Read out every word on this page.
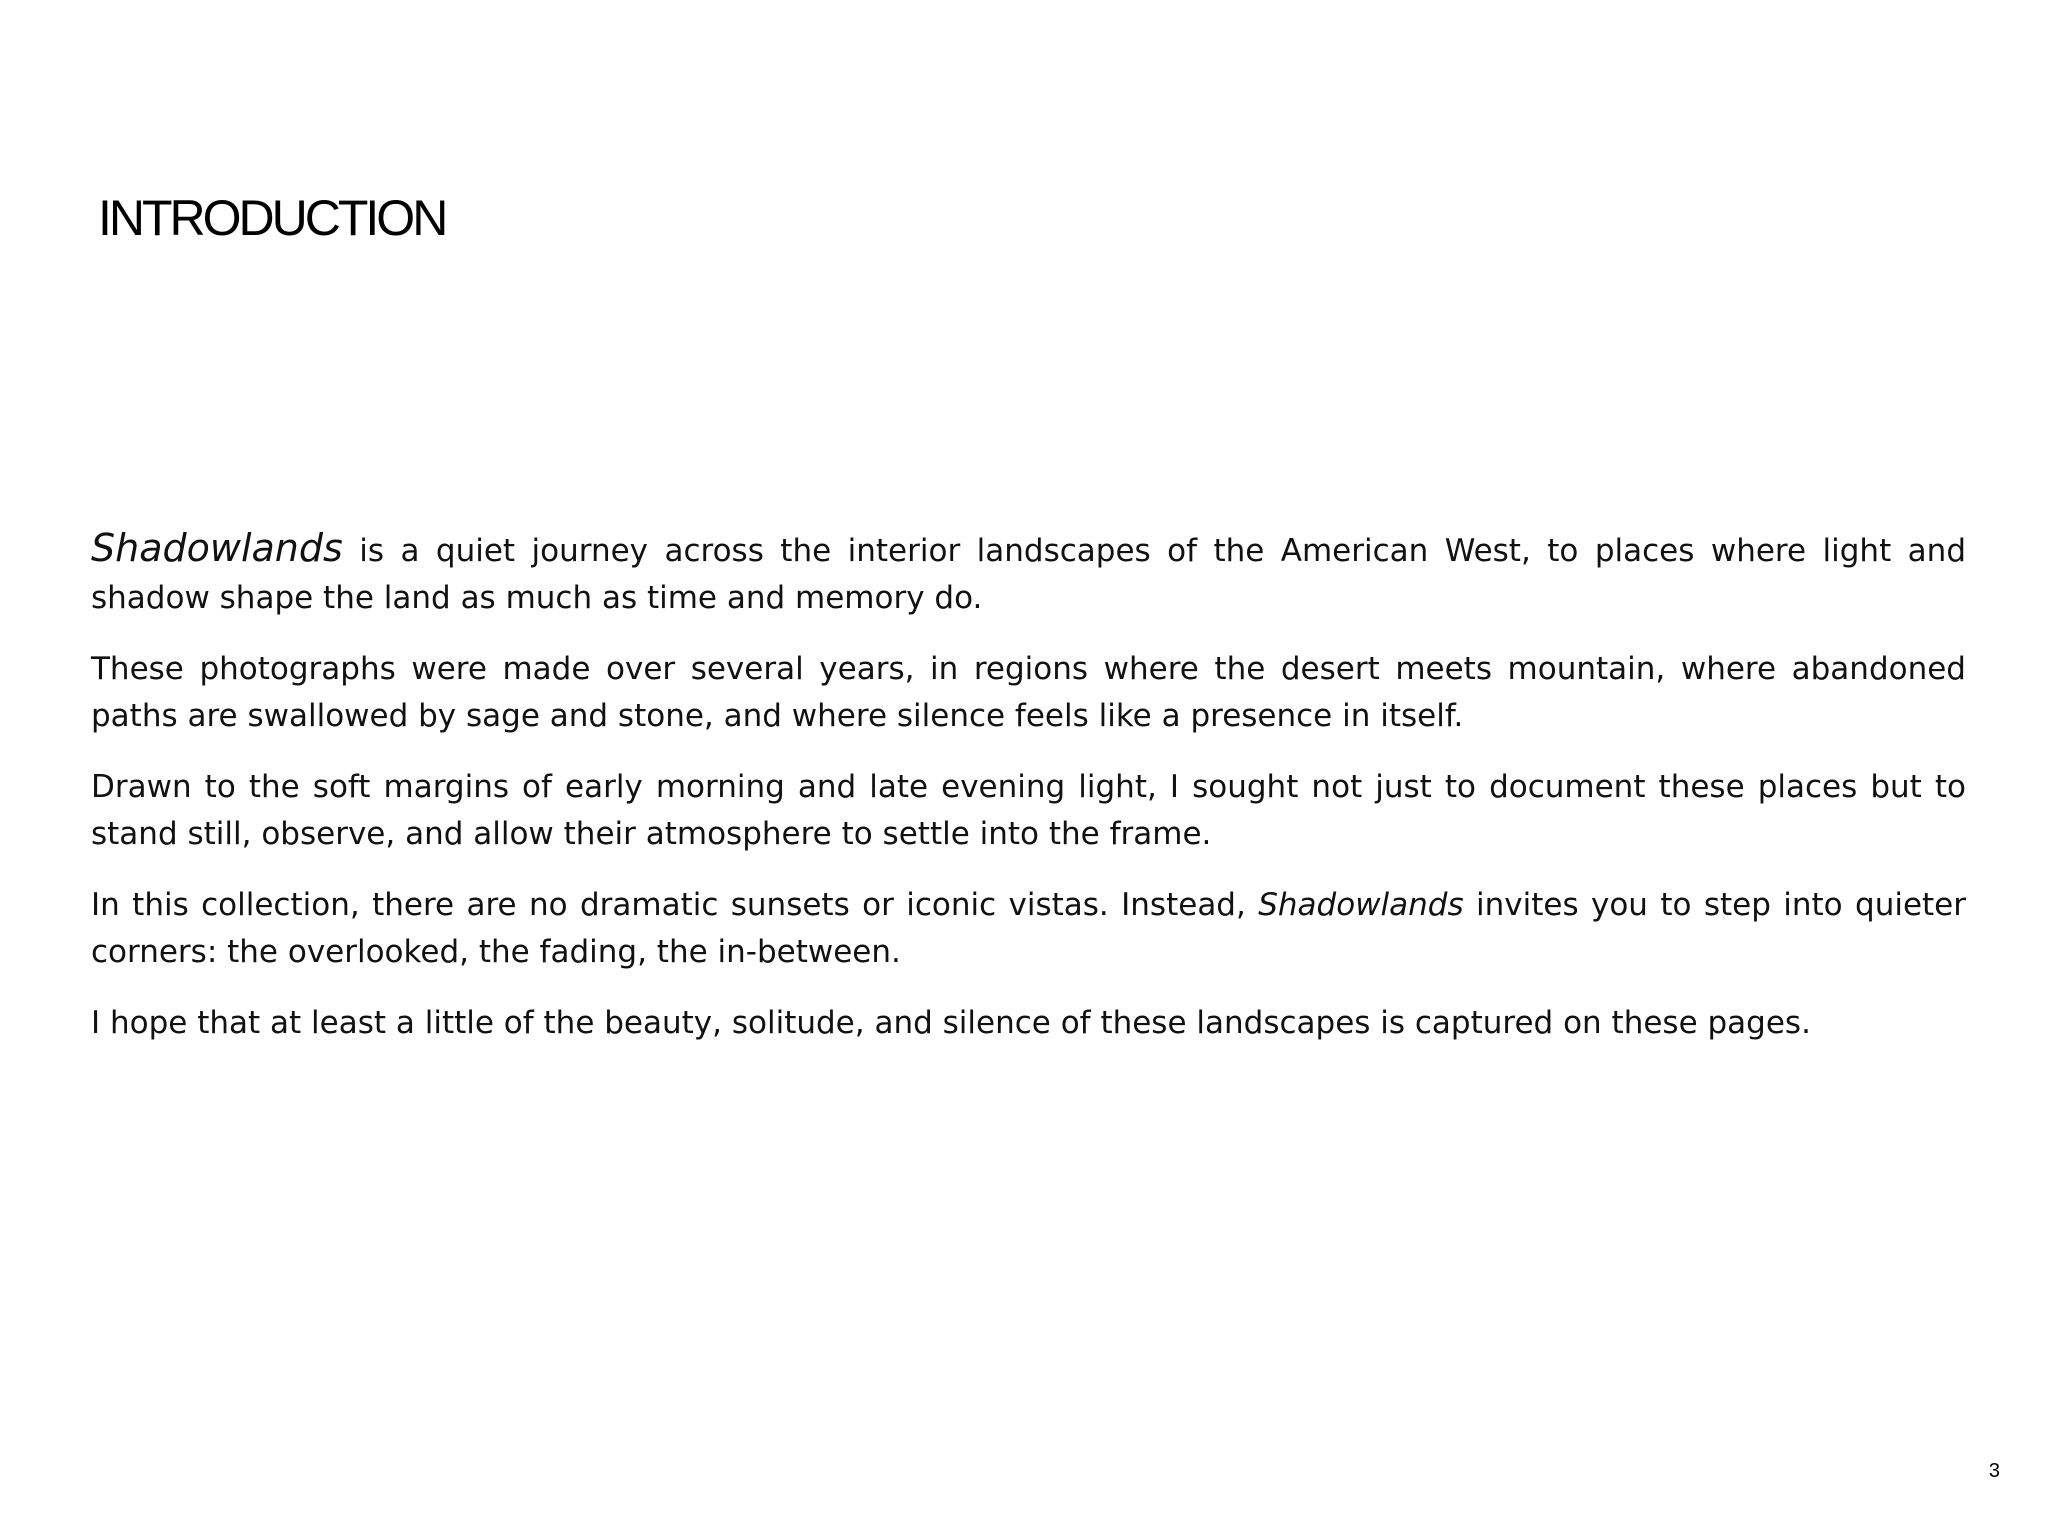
INTRODUCTION

Shadowlands is a quiet journey across the interior landscapes of the American West, to places where light and shadow shape the land as much as time and memory do.

These photographs were made over several years, in regions where the desert meets mountain, where abandoned paths are swallowed by sage and stone, and where silence feels like a presence in itself.

Drawn to the soft margins of early morning and late evening light, I sought not just to document these places but to stand still, observe, and allow their atmosphere to settle into the frame.

In this collection, there are no dramatic sunsets or iconic vistas. Instead, Shadowlands invites you to step into quieter corners: the overlooked, the fading, the in-between.

I hope that at least a little of the beauty, solitude, and silence of these landscapes is captured on these pages.

3
